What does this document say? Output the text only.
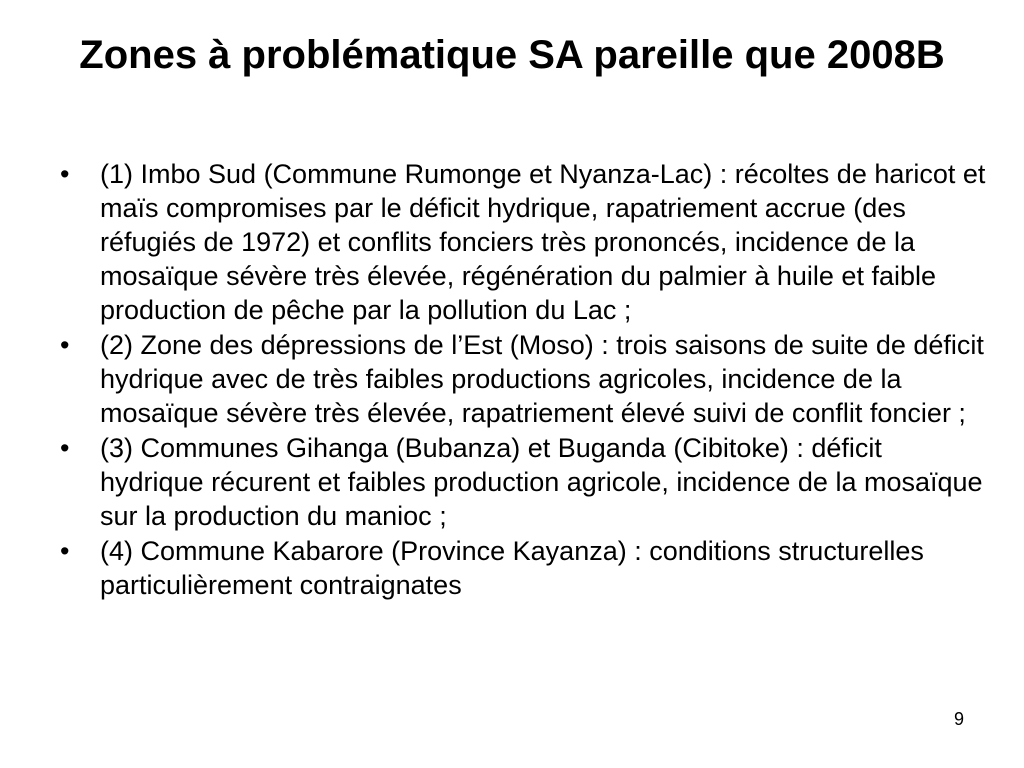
Zones à problématique SA pareille que 2008B
• (1) Imbo Sud (Commune Rumonge et Nyanza-Lac) : récoltes de haricot et maïs compromises par le déficit hydrique, rapatriement accrue (des réfugiés de 1972) et conflits fonciers très prononcés, incidence de la mosaïque sévère très élevée, régénération du palmier à huile et faible production de pêche par la pollution du Lac ;
• (2) Zone des dépressions de l’Est (Moso) : trois saisons de suite de déficit hydrique avec de très faibles productions agricoles, incidence de la mosaïque sévère très élevée, rapatriement élevé suivi de conflit foncier ;
• (3) Communes Gihanga (Bubanza) et Buganda (Cibitoke) : déficit hydrique récurent et faibles production agricole, incidence de la mosaïque sur la production du manioc ;
• (4) Commune Kabarore (Province Kayanza) : conditions structurelles particulièrement contraignates
9
